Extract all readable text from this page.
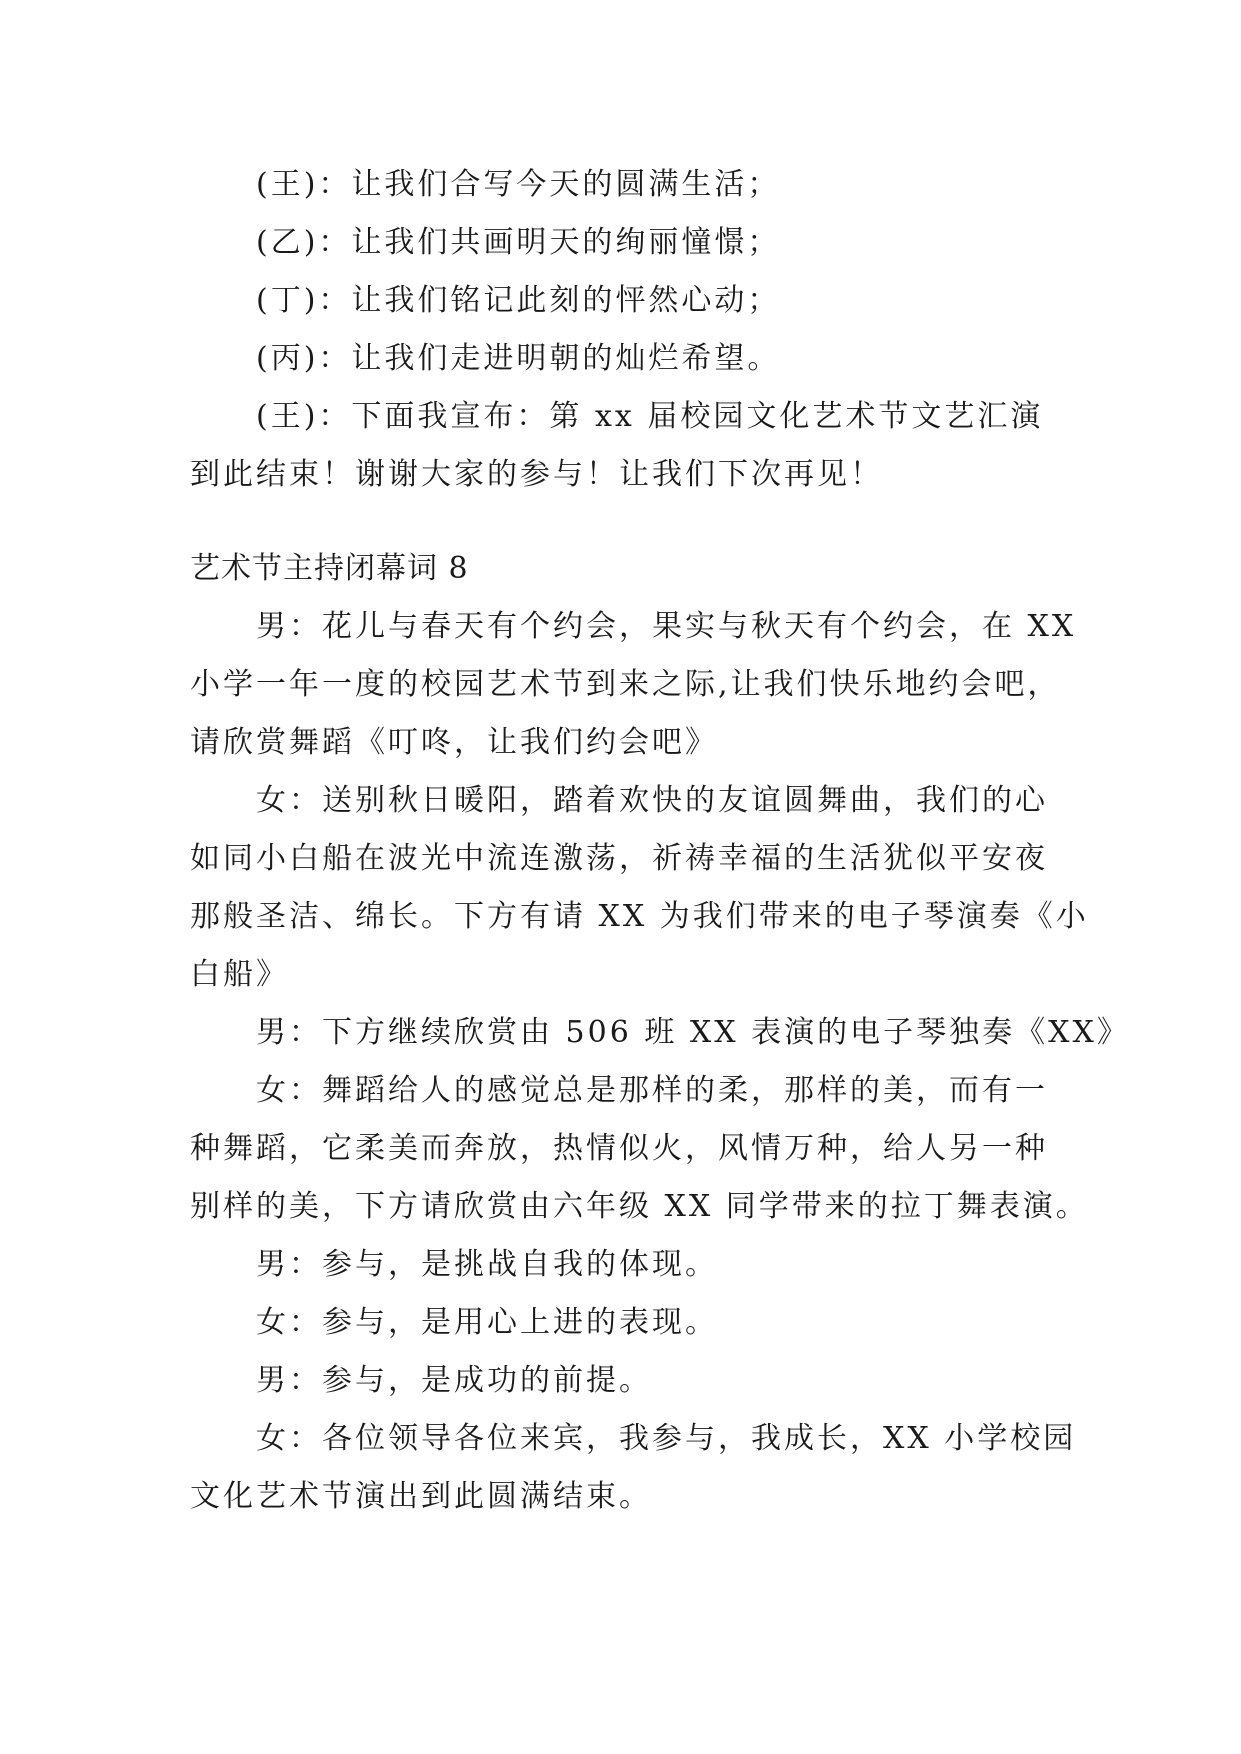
(王)：让我们合写今天的圆满生活；
(乙)：让我们共画明天的绚丽憧憬；
(丁)：让我们铭记此刻的怦然心动；
(丙)：让我们走进明朝的灿烂希望。
(王)：下面我宣布：第 xx 届校园文化艺术节文艺汇演
到此结束！谢谢大家的参与！让我们下次再见！
艺术节主持闭幕词 8
男：花儿与春天有个约会，果实与秋天有个约会，在 XX
小学一年一度的校园艺术节到来之际,让我们快乐地约会吧，
请欣赏舞蹈《叮咚，让我们约会吧》
女：送别秋日暖阳，踏着欢快的友谊圆舞曲，我们的心
如同小白船在波光中流连激荡，祈祷幸福的生活犹似平安夜
那般圣洁、绵长。下方有请 XX 为我们带来的电子琴演奏《小
白船》
男：下方继续欣赏由 506 班 XX 表演的电子琴独奏《XX》
女：舞蹈给人的感觉总是那样的柔，那样的美，而有一
种舞蹈，它柔美而奔放，热情似火，风情万种，给人另一种
别样的美，下方请欣赏由六年级 XX 同学带来的拉丁舞表演。
男：参与，是挑战自我的体现。
女：参与，是用心上进的表现。
男：参与，是成功的前提。
女：各位领导各位来宾，我参与，我成长，XX 小学校园
文化艺术节演出到此圆满结束。
